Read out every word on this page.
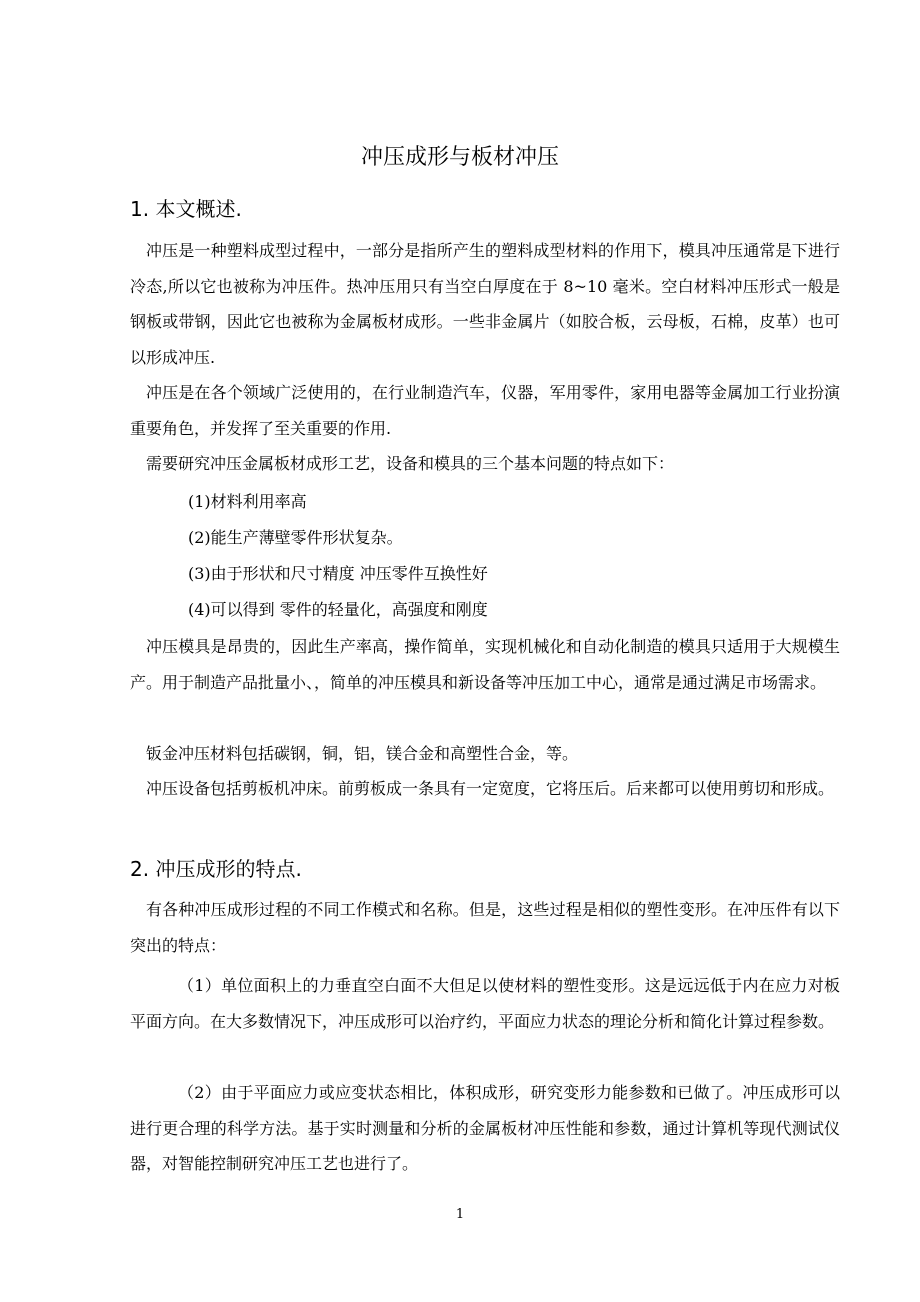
冲压成形与板材冲压
1. 本文概述.
冲压是一种塑料成型过程中，一部分是指所产生的塑料成型材料的作用下，模具冲压通常是下进行冷态,所以它也被称为冲压件。热冲压用只有当空白厚度在于 8~10 毫米。空白材料冲压形式一般是钢板或带钢，因此它也被称为金属板材成形。一些非金属片（如胶合板，云母板，石棉，皮革）也可以形成冲压.
冲压是在各个领域广泛使用的，在行业制造汽车，仪器，军用零件，家用电器等金属加工行业扮演重要角色，并发挥了至关重要的作用.
需要研究冲压金属板材成形工艺，设备和模具的三个基本问题的特点如下：
(1)材料利用率高
(2)能生产薄壁零件形状复杂。
(3)由于形状和尺寸精度 冲压零件互换性好
(4)可以得到 零件的轻量化，高强度和刚度
冲压模具是昂贵的，因此生产率高，操作简单，实现机械化和自动化制造的模具只适用于大规模生产。用于制造产品批量小、，简单的冲压模具和新设备等冲压加工中心，通常是通过满足市场需求。
钣金冲压材料包括碳钢，铜，铝，镁合金和高塑性合金，等。
冲压设备包括剪板机冲床。前剪板成一条具有一定宽度，它将压后。后来都可以使用剪切和形成。
2. 冲压成形的特点.
有各种冲压成形过程的不同工作模式和名称。但是，这些过程是相似的塑性变形。在冲压件有以下突出的特点：
（1）单位面积上的力垂直空白面不大但足以使材料的塑性变形。这是远远低于内在应力对板平面方向。在大多数情况下，冲压成形可以治疗约，平面应力状态的理论分析和简化计算过程参数。
（2）由于平面应力或应变状态相比，体积成形，研究变形力能参数和已做了。冲压成形可以进行更合理的科学方法。基于实时测量和分析的金属板材冲压性能和参数，通过计算机等现代测试仪器，对智能控制研究冲压工艺也进行了。
1
